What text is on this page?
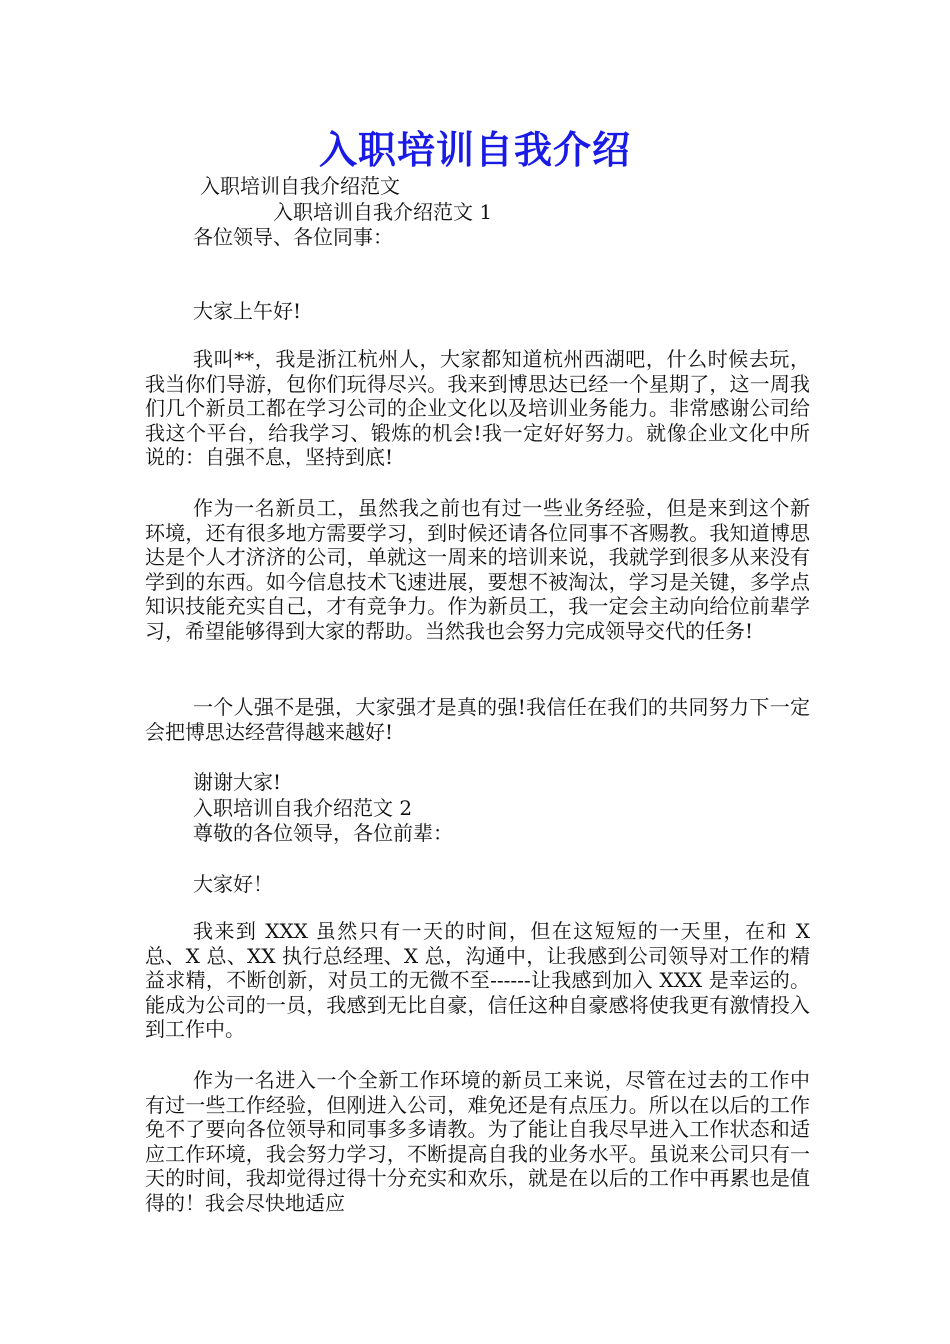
入职培训自我介绍
入职培训自我介绍范文
入职培训自我介绍范文 1
各位领导、各位同事：
大家上午好!

我叫**，我是浙江杭州人，大家都知道杭州西湖吧，什么时候去玩，我当你们导游，包你们玩得尽兴。我来到博思达已经一个星期了，这一周我们几个新员工都在学习公司的企业文化以及培训业务能力。非常感谢公司给我这个平台，给我学习、锻炼的机会!我一定好好努力。就像企业文化中所说的：自强不息，坚持到底!

作为一名新员工，虽然我之前也有过一些业务经验，但是来到这个新环境，还有很多地方需要学习，到时候还请各位同事不吝赐教。我知道博思达是个人才济济的公司，单就这一周来的培训来说，我就学到很多从来没有学到的东西。如今信息技术飞速进展，要想不被淘汰，学习是关键，多学点知识技能充实自己，才有竞争力。作为新员工，我一定会主动向给位前辈学习，希望能够得到大家的帮助。当然我也会努力完成领导交代的任务!

一个人强不是强，大家强才是真的强!我信任在我们的共同努力下一定会把博思达经营得越来越好!

谢谢大家!
入职培训自我介绍范文 2
尊敬的各位领导，各位前辈：
大家好！

我来到 XXX 虽然只有一天的时间，但在这短短的一天里，在和 X 总、X 总、XX 执行总经理、X 总，沟通中，让我感到公司领导对工作的精益求精，不断创新，对员工的无微不至------让我感到加入 XXX 是幸运的。能成为公司的一员，我感到无比自豪，信任这种自豪感将使我更有激情投入到工作中。

作为一名进入一个全新工作环境的新员工来说，尽管在过去的工作中有过一些工作经验，但刚进入公司，难免还是有点压力。所以在以后的工作免不了要向各位领导和同事多多请教。为了能让自我尽早进入工作状态和适应工作环境，我会努力学习，不断提高自我的业务水平。虽说来公司只有一天的时间，我却觉得过得十分充实和欢乐，就是在以后的工作中再累也是值得的！我会尽快地适应
